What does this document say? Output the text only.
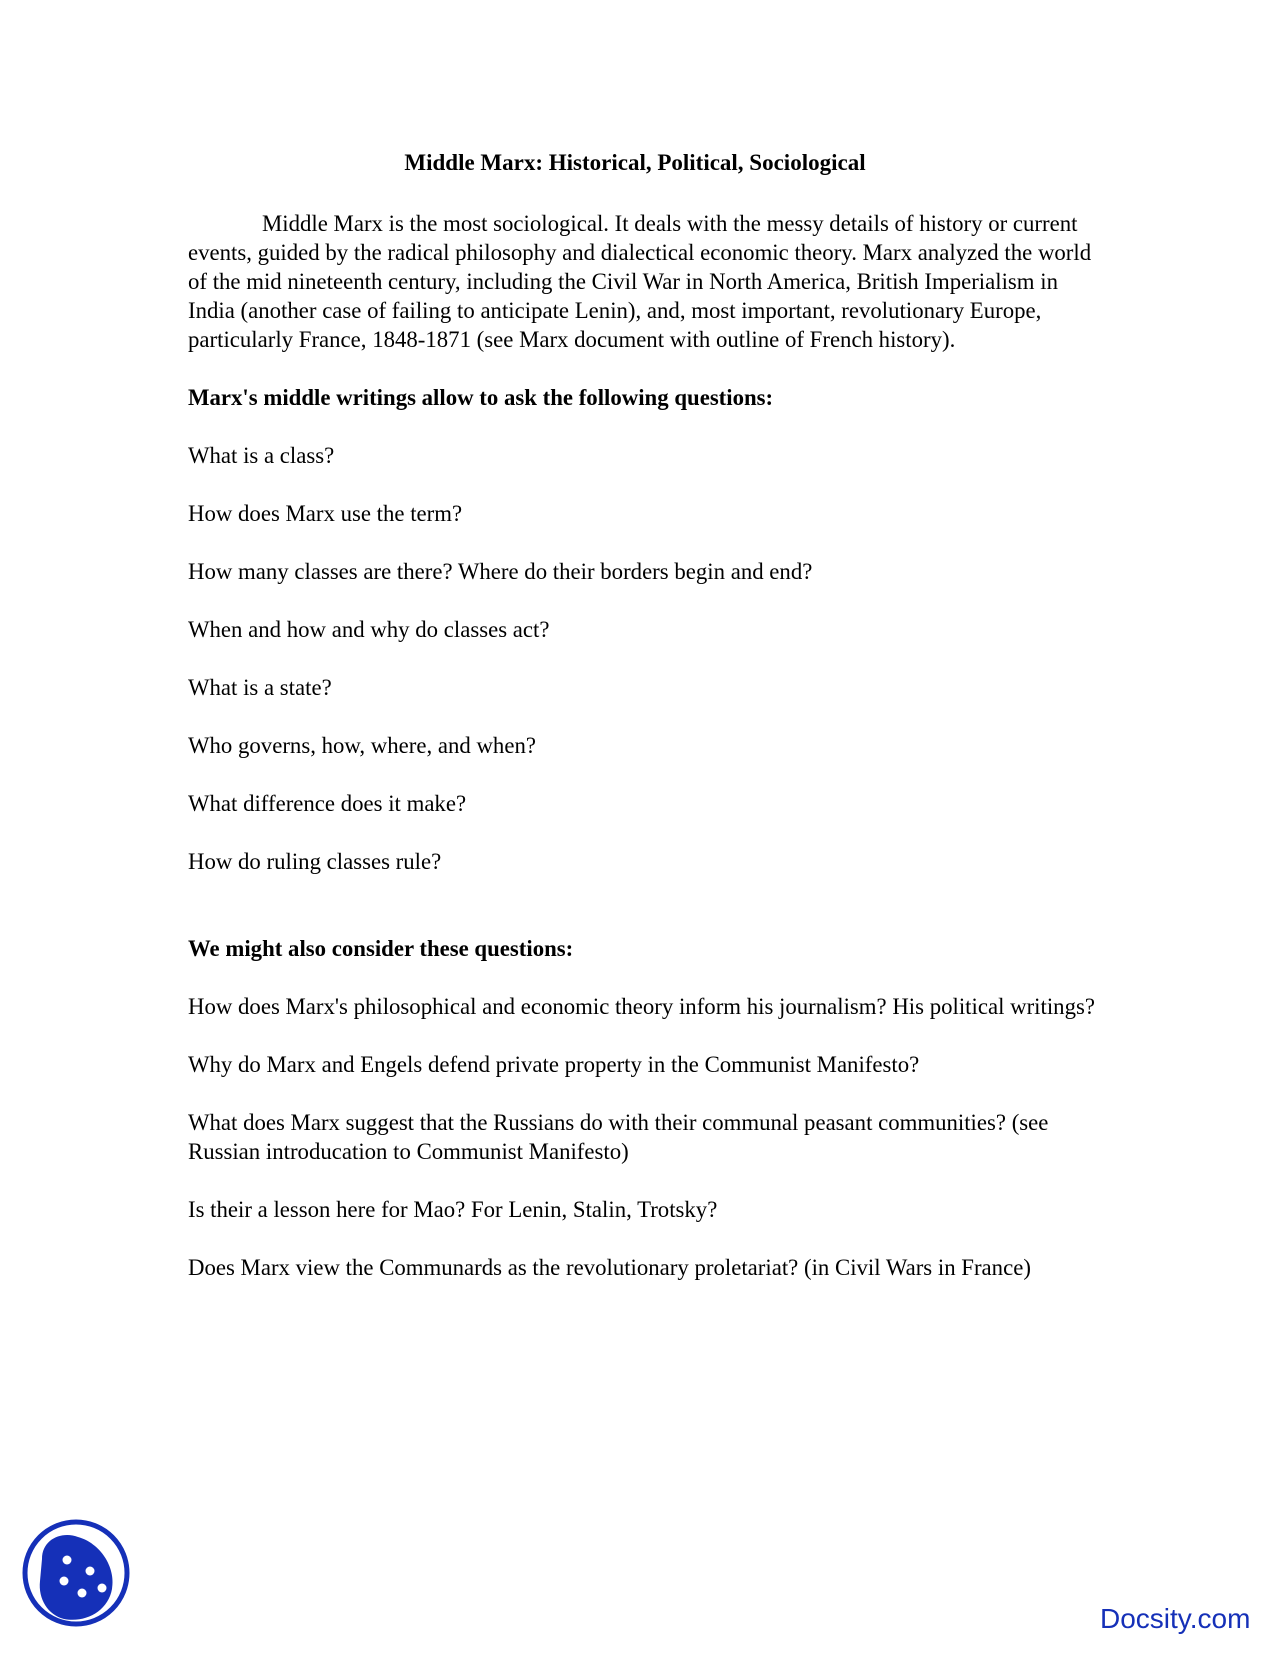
Middle Marx: Historical, Political, Sociological

Middle Marx is the most sociological. It deals with the messy details of history or current events, guided by the radical philosophy and dialectical economic theory. Marx analyzed the world of the mid nineteenth century, including the Civil War in North America, British Imperialism in India (another case of failing to anticipate Lenin), and, most important, revolutionary Europe, particularly France, 1848-1871 (see Marx document with outline of French history).

Marx's middle writings allow to ask the following questions:

What is a class?

How does Marx use the term?

How many classes are there? Where do their borders begin and end?

When and how and why do classes act?

What is a state?

Who governs, how, where, and when?

What difference does it make?

How do ruling classes rule?

We might also consider these questions:

How does Marx's philosophical and economic theory inform his journalism? His political writings?

Why do Marx and Engels defend private property in the Communist Manifesto?

What does Marx suggest that the Russians do with their communal peasant communities? (see Russian introducation to Communist Manifesto)

Is their a lesson here for Mao? For Lenin, Stalin, Trotsky?

Does Marx view the Communards as the revolutionary proletariat? (in Civil Wars in France)

Docsity.com
